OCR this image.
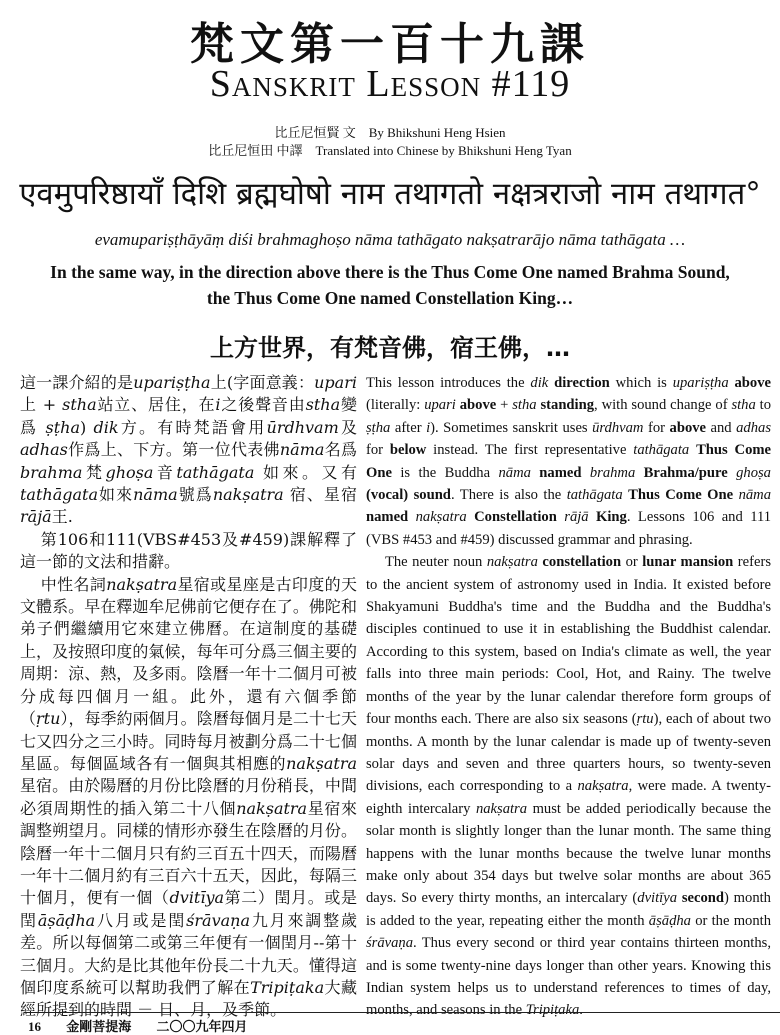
梵文第一百十九課
Sanskrit Lesson #119
比丘尼恒賢 文　By Bhikshuni Heng Hsien
比丘尼恒田 中譯　Translated into Chinese by Bhikshuni Heng Tyan
एवमुपरिष्ठायाँ दिशि ब्रह्मघोषो नाम तथागतो नक्षत्रराजो नाम तथागत°
evamupariṣṭhāyāṃ diśi brahmaghoṣo nāma tathāgato nakṣatrarājo nāma tathāgata …
In the same way, in the direction above there is the Thus Come One named Brahma Sound,
the Thus Come One named Constellation King…
上方世界，有梵音佛，宿王佛，…

這一課介紹的是upariṣṭha上(字面意義：upari上 + stha站立、居住，在i之後聲音由stha變爲 ṣṭha) dik方。有時梵語會用ūrdhvam及adhas作爲上、下方。第一位代表佛nāma名爲brahma梵ghoṣa音tathāgata 如來。又有tathāgata如來nāma號爲nakṣatra 宿、星宿rājā王.

第106和111(VBS#453及#459)課解釋了這一節的文法和措辭。

中性名詞nakṣatra星宿或星座是古印度的天文體系。早在釋迦牟尼佛前它便存在了。佛陀和弟子們繼續用它來建立佛曆。在這制度的基礎上，及按照印度的氣候，每年可分爲三個主要的周期：涼、熱，及多雨。陰曆一年十二個月可被分成每四個月一組。此外，還有六個季節（ṛtu），每季約兩個月。陰曆每個月是二十七天七又四分之三小時。同時每月被劃分爲二十七個星區。每個區域各有一個與其相應的nakṣatra星宿。由於陽曆的月份比陰曆的月份稍長，中間必須周期性的插入第二十八個nakṣatra星宿來調整朔望月。同樣的情形亦發生在陰曆的月份。陰曆一年十二個月只有約三百五十四天，而陽曆一年十二個月約有三百六十五天，因此，每隔三十個月，便有一個（dvitīya第二）閏月。或是閏āṣāḍha八月或是閏śrāvaṇa九月來調整歲差。所以每個第二或第三年便有一個閏月--第十三個月。大約是比其他年份長二十九天。懂得這個印度系統可以幫助我們了解在Tripiṭaka大藏經所提到的時間 － 日、月，及季節。

This lesson introduces the dik direction which is upariṣṭha above (literally: upari above + stha standing, with sound change of stha to ṣṭha after i). Sometimes sanskrit uses ūrdhvam for above and adhas for below instead. The first representative tathāgata Thus Come One is the Buddha nāma named brahma Brahma/pure ghoṣa (vocal) sound. There is also the tathāgata Thus Come One nāma named nakṣatra Constellation rājā King. Lessons 106 and 111 (VBS #453 and #459) discussed grammar and phrasing.

The neuter noun nakṣatra constellation or lunar mansion refers to the ancient system of astronomy used in India. It existed before Shakyamuni Buddha's time and the Buddha and the Buddha's disciples continued to use it in establishing the Buddhist calendar. According to this system, based on India's climate as well, the year falls into three main periods: Cool, Hot, and Rainy. The twelve months of the year by the lunar calendar therefore form groups of four months each. There are also six seasons (ṛtu), each of about two months. A month by the lunar calendar is made up of twenty-seven solar days and seven and three quarters hours, so twenty-seven divisions, each corresponding to a nakṣatra, were made. A twenty-eighth intercalary nakṣatra must be added periodically because the solar month is slightly longer than the lunar month. The same thing happens with the lunar months because the twelve lunar months make only about 354 days but twelve solar months are about 365 days. So every thirty months, an intercalary (dvitīya second) month is added to the year, repeating either the month āṣāḍha or the month śrāvaṇa. Thus every second or third year contains thirteen months, and is some twenty-nine days longer than other years. Knowing this Indian system helps us to understand references to times of day, months, and seasons in the Tripiṭaka.

16 金剛菩提海 二〇〇九年四月
